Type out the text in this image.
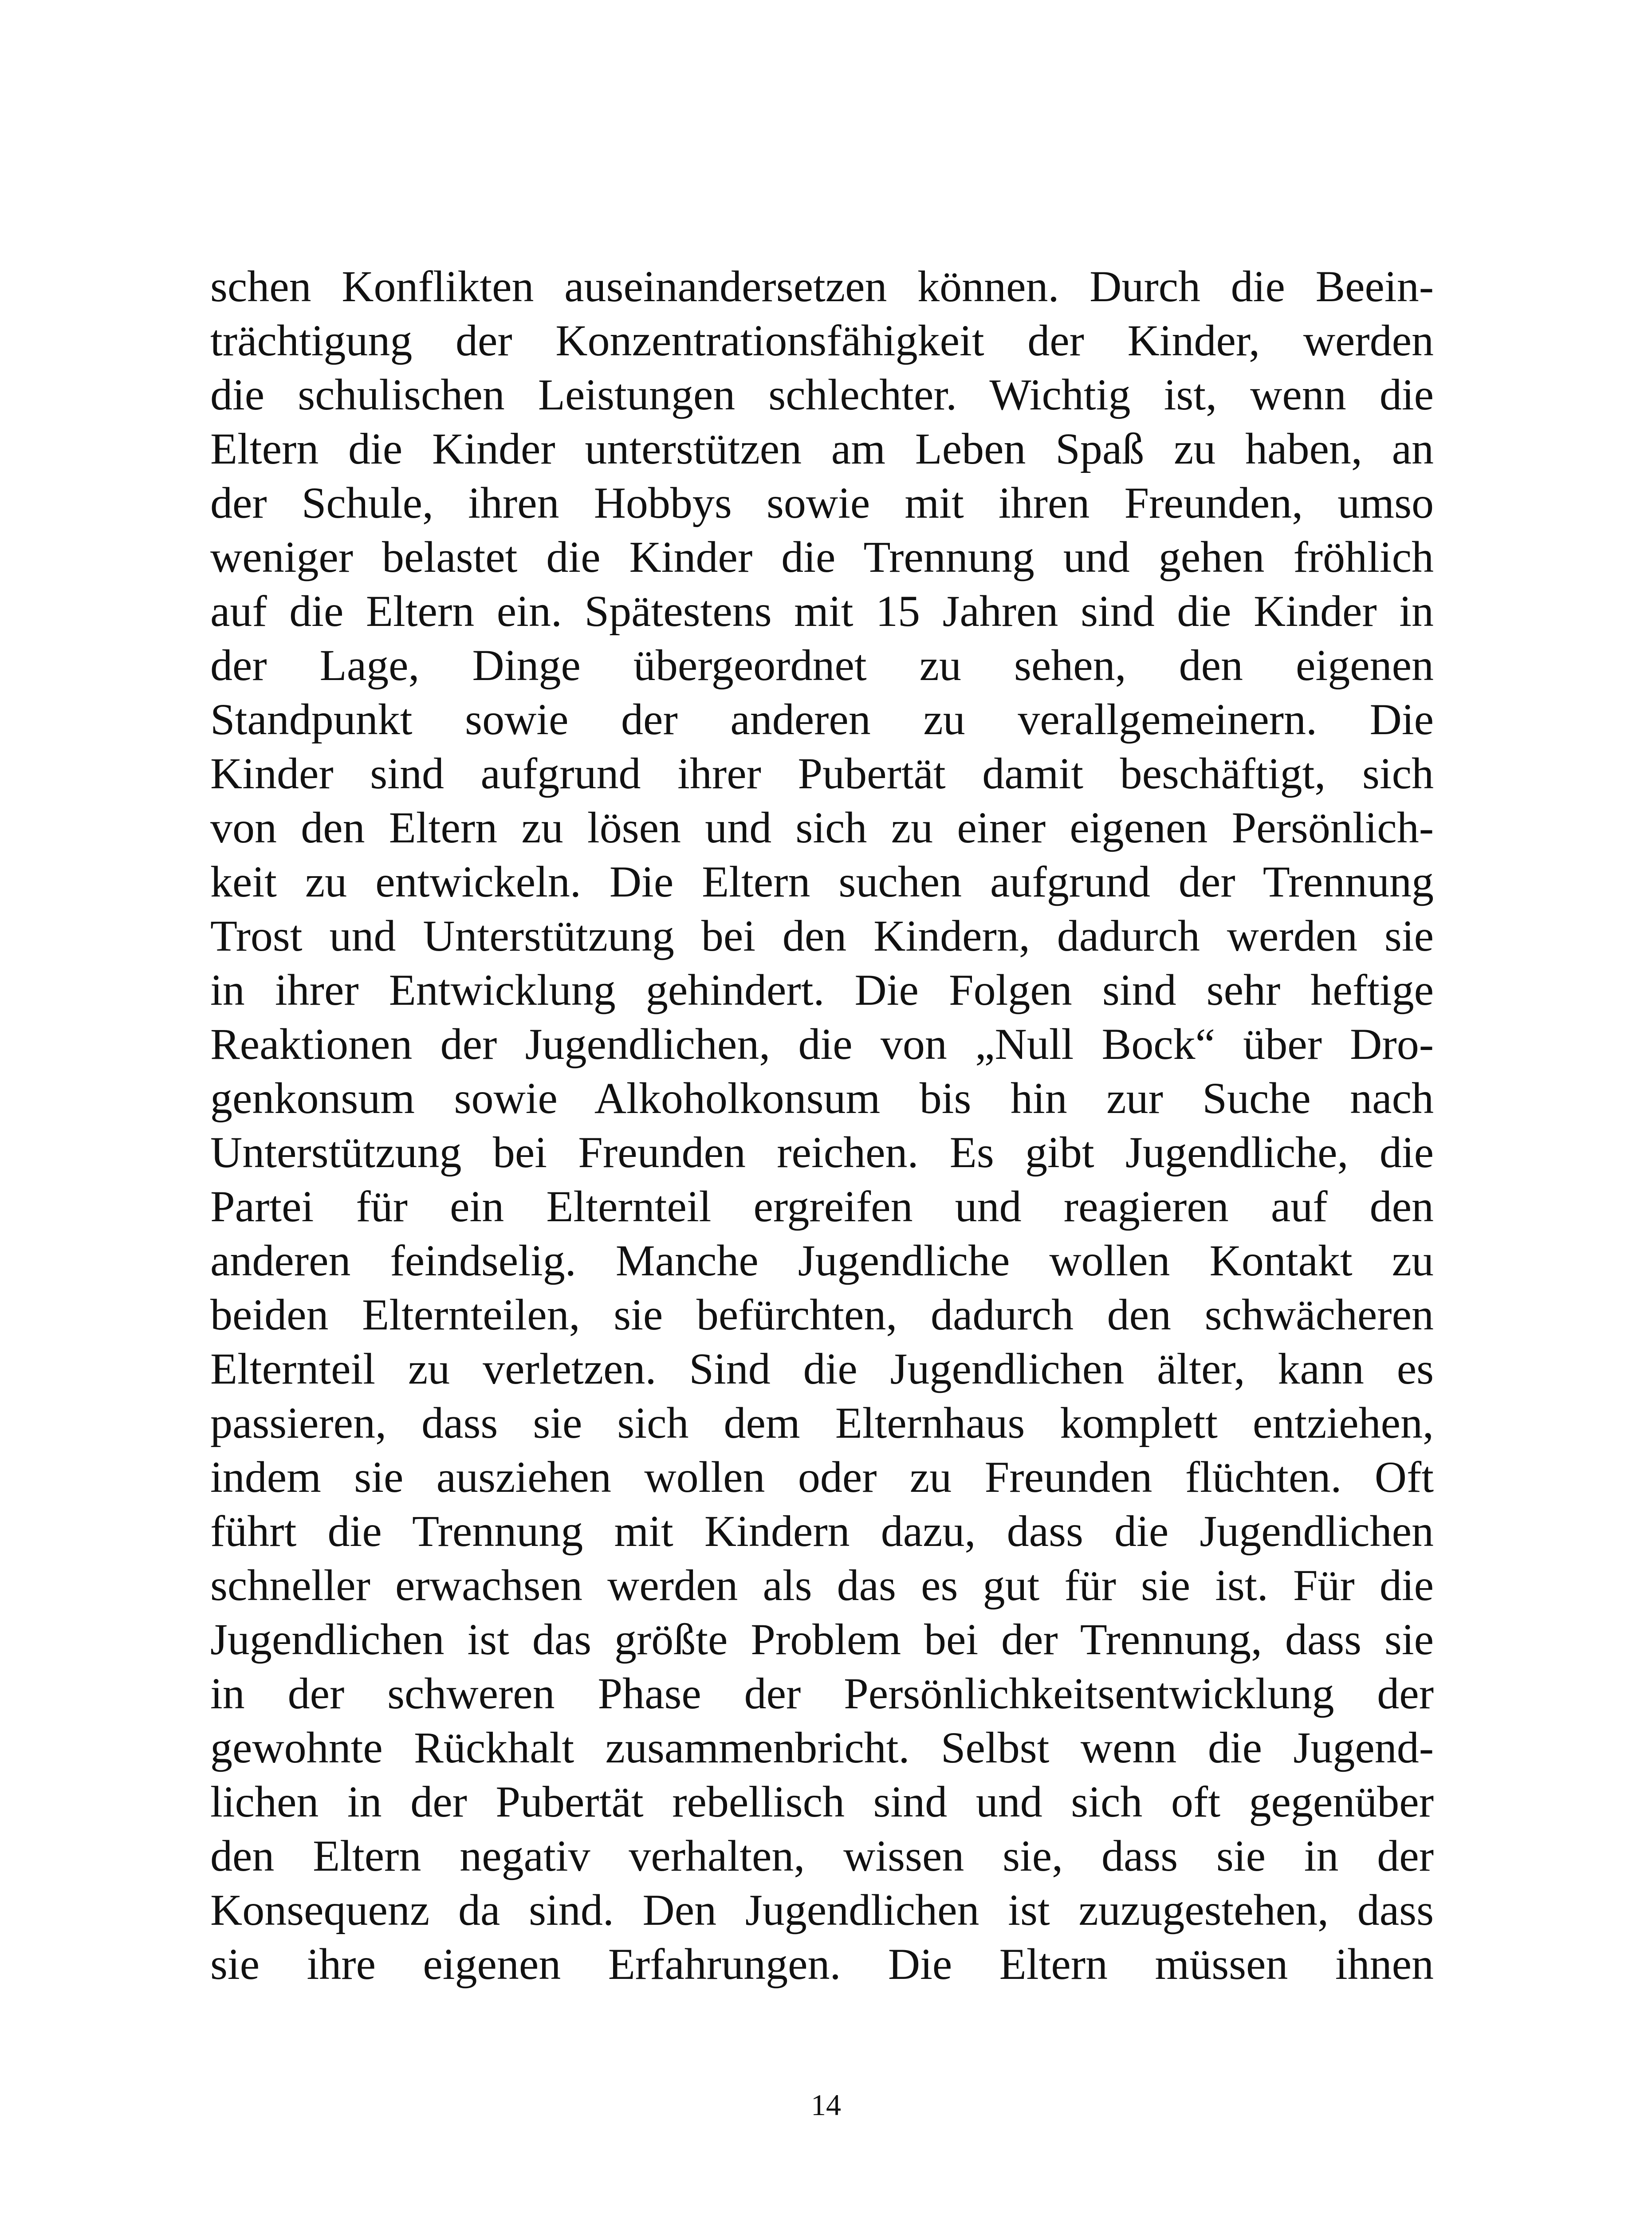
schen Konflikten auseinandersetzen können. Durch die Beein-
trächtigung der Konzentrationsfähigkeit der Kinder, werden
die schulischen Leistungen schlechter. Wichtig ist, wenn die
Eltern die Kinder unterstützen am Leben Spaß zu haben, an
der Schule, ihren Hobbys sowie mit ihren Freunden, umso
weniger belastet die Kinder die Trennung und gehen fröhlich
auf die Eltern ein. Spätestens mit 15 Jahren sind die Kinder in
der Lage, Dinge übergeordnet zu sehen, den eigenen
Standpunkt sowie der anderen zu verallgemeinern. Die
Kinder sind aufgrund ihrer Pubertät damit beschäftigt, sich
von den Eltern zu lösen und sich zu einer eigenen Persönlich-
keit zu entwickeln. Die Eltern suchen aufgrund der Trennung
Trost und Unterstützung bei den Kindern, dadurch werden sie
in ihrer Entwicklung gehindert. Die Folgen sind sehr heftige
Reaktionen der Jugendlichen, die von „Null Bock“ über Dro-
genkonsum sowie Alkoholkonsum bis hin zur Suche nach
Unterstützung bei Freunden reichen. Es gibt Jugendliche, die
Partei für ein Elternteil ergreifen und reagieren auf den
anderen feindselig. Manche Jugendliche wollen Kontakt zu
beiden Elternteilen, sie befürchten, dadurch den schwächeren
Elternteil zu verletzen. Sind die Jugendlichen älter, kann es
passieren, dass sie sich dem Elternhaus komplett entziehen,
indem sie ausziehen wollen oder zu Freunden flüchten. Oft
führt die Trennung mit Kindern dazu, dass die Jugendlichen
schneller erwachsen werden als das es gut für sie ist. Für die
Jugendlichen ist das größte Problem bei der Trennung, dass sie
in der schweren Phase der Persönlichkeitsentwicklung der
gewohnte Rückhalt zusammenbricht. Selbst wenn die Jugend-
lichen in der Pubertät rebellisch sind und sich oft gegenüber
den Eltern negativ verhalten, wissen sie, dass sie in der
Konsequenz da sind. Den Jugendlichen ist zuzugestehen, dass
sie ihre eigenen Erfahrungen. Die Eltern müssen ihnen
14
